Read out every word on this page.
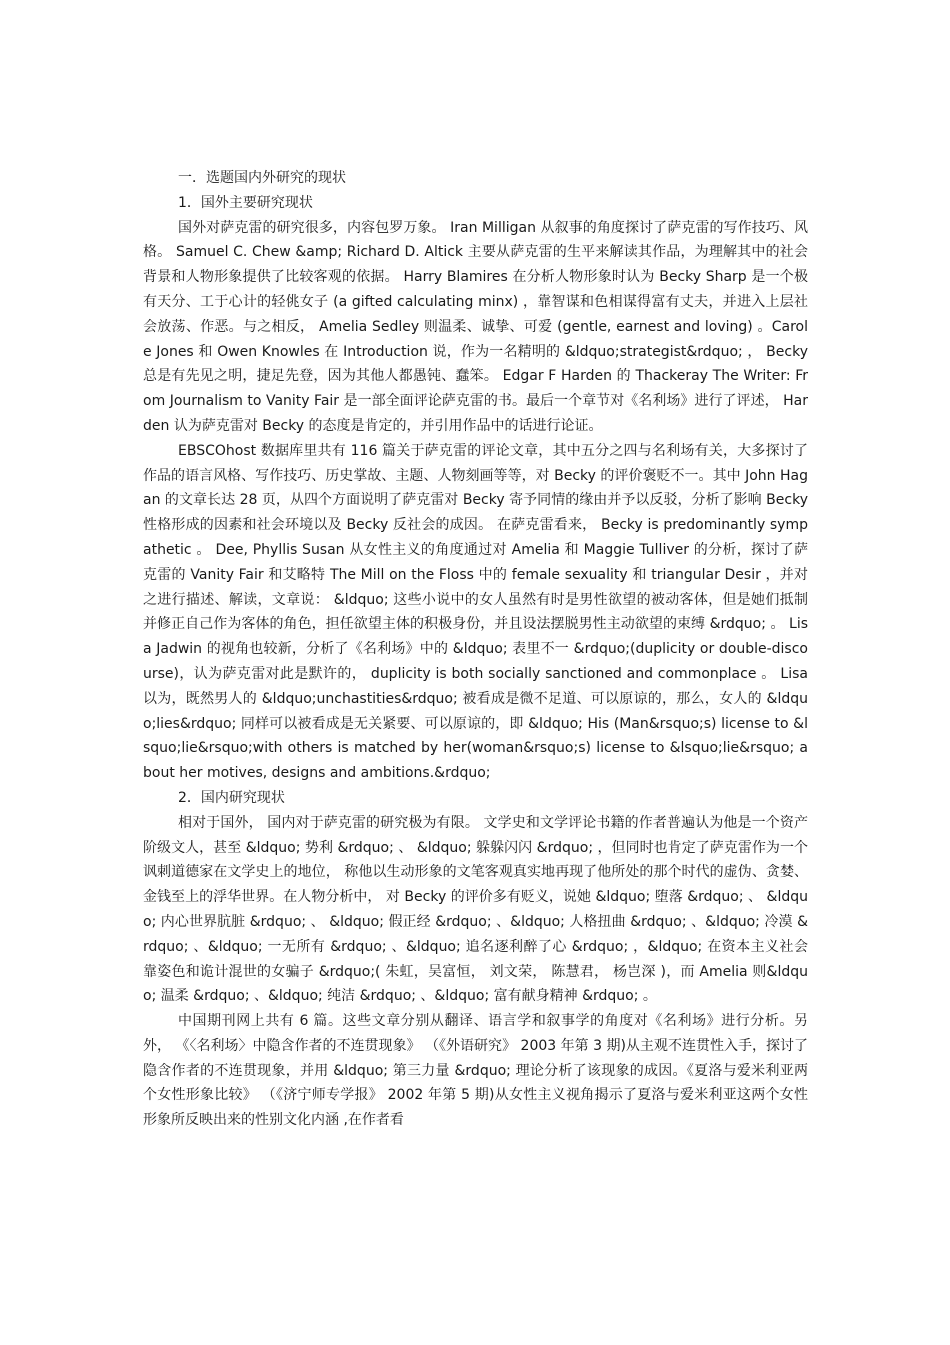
一．选题国内外研究的现状

1．国外主要研究现状

国外对萨克雷的研究很多，内容包罗万象。 Iran Milligan 从叙事的角度探讨了萨克雷的写作技巧、风格。 Samuel C. Chew &amp; Richard D. Altick 主要从萨克雷的生平来解读其作品，为理解其中的社会背景和人物形象提供了比较客观的依据。 Harry Blamires 在分析人物形象时认为 Becky Sharp 是一个极有天分、工于心计的轻佻女子 (a gifted calculating minx) ，靠智谋和色相谋得富有丈夫，并进入上层社会放荡、作恶。与之相反， Amelia Sedley 则温柔、诚挚、可爱 (gentle, earnest and loving) 。Carole Jones 和 Owen Knowles 在 Introduction 说，作为一名精明的 &ldquo;strategist&rdquo; ， Becky 总是有先见之明，捷足先登，因为其他人都愚钝、蠢笨。 Edgar F Harden 的 Thackeray The Writer: From Journalism to Vanity Fair 是一部全面评论萨克雷的书。最后一个章节对《名利场》进行了评述， Harden 认为萨克雷对 Becky 的态度是肯定的，并引用作品中的话进行论证。

EBSCOhost 数据库里共有 116 篇关于萨克雷的评论文章，其中五分之四与名利场有关，大多探讨了作品的语言风格、写作技巧、历史掌故、主题、人物刻画等等，对 Becky 的评价褒贬不一。其中 John Hagan 的文章长达 28 页，从四个方面说明了萨克雷对 Becky 寄予同情的缘由并予以反驳，分析了影响 Becky 性格形成的因素和社会环境以及 Becky 反社会的成因。 在萨克雷看来， Becky is predominantly sympathetic 。 Dee, Phyllis Susan 从女性主义的角度通过对 Amelia 和 Maggie Tulliver 的分析，探讨了萨克雷的 Vanity Fair 和艾略特 The Mill on the Floss 中的 female sexuality 和 triangular Desir ，并对之进行描述、解读，文章说： &ldquo; 这些小说中的女人虽然有时是男性欲望的被动客体，但是她们抵制并修正自己作为客体的角色，担任欲望主体的积极身份，并且设法摆脱男性主动欲望的束缚 &rdquo; 。 Lisa Jadwin 的视角也较新，分析了《名利场》中的 &ldquo; 表里不一 &rdquo;(duplicity or double-discourse)，认为萨克雷对此是默许的， duplicity is both socially sanctioned and commonplace 。 Lisa 以为，既然男人的 &ldquo;unchastities&rdquo; 被看成是微不足道、可以原谅的，那么，女人的 &ldquo;lies&rdquo; 同样可以被看成是无关紧要、可以原谅的，即 &ldquo; His (Man&rsquo;s) license to &lsquo;lie&rsquo;with others is matched by her(woman&rsquo;s) license to &lsquo;lie&rsquo; about her motives, designs and ambitions.&rdquo;

2．国内研究现状

相对于国外， 国内对于萨克雷的研究极为有限。 文学史和文学评论书籍的作者普遍认为他是一个资产阶级文人，甚至 &ldquo; 势利 &rdquo; 、 &ldquo; 躲躲闪闪 &rdquo; ，但同时也肯定了萨克雷作为一个讽刺道德家在文学史上的地位， 称他以生动形象的文笔客观真实地再现了他所处的那个时代的虚伪、贪婪、金钱至上的浮华世界。在人物分析中， 对 Becky 的评价多有贬义，说她 &ldquo; 堕落 &rdquo; 、 &ldquo; 内心世界肮脏 &rdquo; 、 &ldquo; 假正经 &rdquo; 、&ldquo; 人格扭曲 &rdquo; 、&ldquo; 冷漠 &rdquo; 、&ldquo; 一无所有 &rdquo; 、&ldquo; 追名逐利醉了心 &rdquo; ，&ldquo; 在资本主义社会靠姿色和诡计混世的女骗子 &rdquo;( 朱虹，吴富恒， 刘文荣， 陈慧君， 杨岂深 )，而 Amelia 则&ldquo; 温柔 &rdquo; 、&ldquo; 纯洁 &rdquo; 、&ldquo; 富有献身精神 &rdquo; 。

中国期刊网上共有 6 篇。这些文章分别从翻译、语言学和叙事学的角度对《名利场》进行分析。另外， 《〈名利场〉中隐含作者的不连贯现象》 （《外语研究》 2003 年第 3 期)从主观不连贯性入手，探讨了隐含作者的不连贯现象，并用 &ldquo; 第三力量 &rdquo; 理论分析了该现象的成因。《夏洛与爱米利亚两个女性形象比较》 （《济宁师专学报》 2002 年第 5 期)从女性主义视角揭示了夏洛与爱米利亚这两个女性形象所反映出来的性别文化内涵 ,在作者看
